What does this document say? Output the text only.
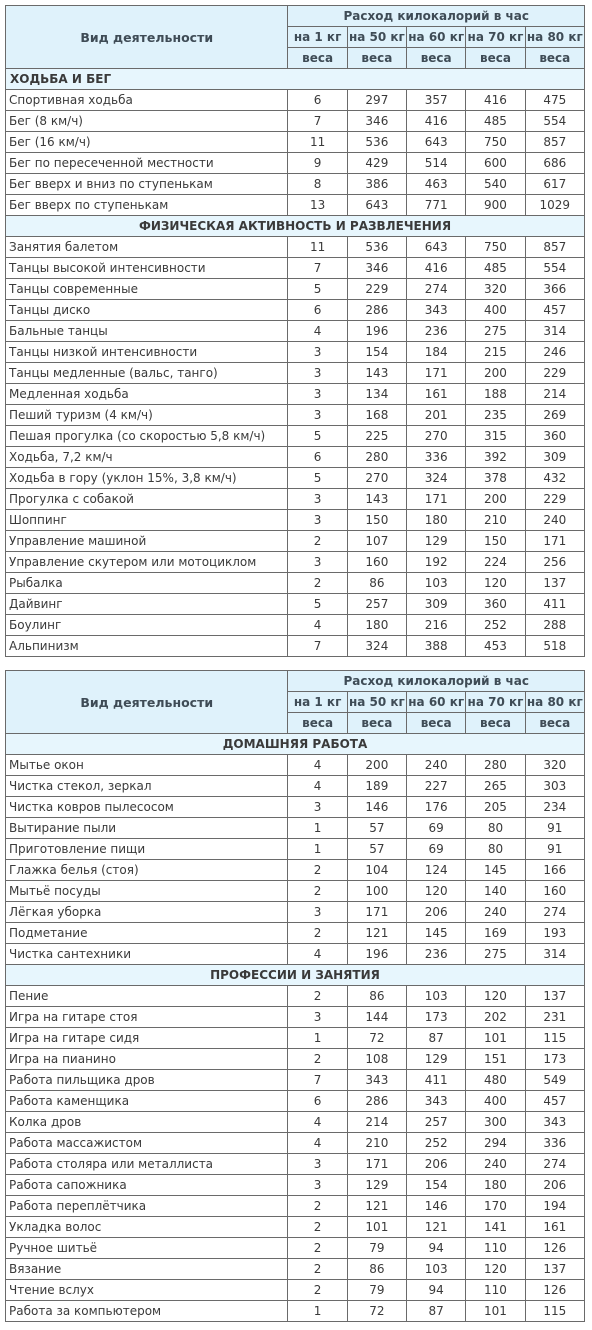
Вид деятельности	Расход килокалорий в час				
	на 1 кг	на 50 кг	на 60 кг	на 70 кг	на 80 кг
	веса	веса	веса	веса	веса
ХОДЬБА И БЕГ					
Спортивная ходьба	6	297	357	416	475
Бег (8 км/ч)	7	346	416	485	554
Бег (16 км/ч)	11	536	643	750	857
Бег по пересеченной местности	9	429	514	600	686
Бег вверх и вниз по ступенькам	8	386	463	540	617
Бег вверх по ступенькам	13	643	771	900	1029
ФИЗИЧЕСКАЯ АКТИВНОСТЬ И РАЗВЛЕЧЕНИЯ					
Занятия балетом	11	536	643	750	857
Танцы высокой интенсивности	7	346	416	485	554
Танцы современные	5	229	274	320	366
Танцы диско	6	286	343	400	457
Бальные танцы	4	196	236	275	314
Танцы низкой интенсивности	3	154	184	215	246
Танцы медленные (вальс, танго)	3	143	171	200	229
Медленная ходьба	3	134	161	188	214
Пеший туризм (4 км/ч)	3	168	201	235	269
Пешая прогулка (со скоростью 5,8 км/ч)	5	225	270	315	360
Ходьба, 7,2 км/ч	6	280	336	392	309
Ходьба в гору (уклон 15%, 3,8 км/ч)	5	270	324	378	432
Прогулка с собакой	3	143	171	200	229
Шоппинг	3	150	180	210	240
Управление машиной	2	107	129	150	171
Управление скутером или мотоциклом	3	160	192	224	256
Рыбалка	2	86	103	120	137
Дайвинг	5	257	309	360	411
Боулинг	4	180	216	252	288
Альпинизм	7	324	388	453	518
Вид деятельности	Расход килокалорий в час				
	на 1 кг	на 50 кг	на 60 кг	на 70 кг	на 80 кг
	веса	веса	веса	веса	веса
ДОМАШНЯЯ РАБОТА					
Мытье окон	4	200	240	280	320
Чистка стекол, зеркал	4	189	227	265	303
Чистка ковров пылесосом	3	146	176	205	234
Вытирание пыли	1	57	69	80	91
Приготовление пищи	1	57	69	80	91
Глажка белья (стоя)	2	104	124	145	166
Мытьё посуды	2	100	120	140	160
Лёгкая уборка	3	171	206	240	274
Подметание	2	121	145	169	193
Чистка сантехники	4	196	236	275	314
ПРОФЕССИИ И ЗАНЯТИЯ					
Пение	2	86	103	120	137
Игра на гитаре стоя	3	144	173	202	231
Игра на гитаре сидя	1	72	87	101	115
Игра на пианино	2	108	129	151	173
Работа пильщика дров	7	343	411	480	549
Работа каменщика	6	286	343	400	457
Колка дров	4	214	257	300	343
Работа массажистом	4	210	252	294	336
Работа столяра или металлиста	3	171	206	240	274
Работа сапожника	3	129	154	180	206
Работа переплётчика	2	121	146	170	194
Укладка волос	2	101	121	141	161
Ручное шитьё	2	79	94	110	126
Вязание	2	86	103	120	137
Чтение вслух	2	79	94	110	126
Работа за компьютером	1	72	87	101	115
